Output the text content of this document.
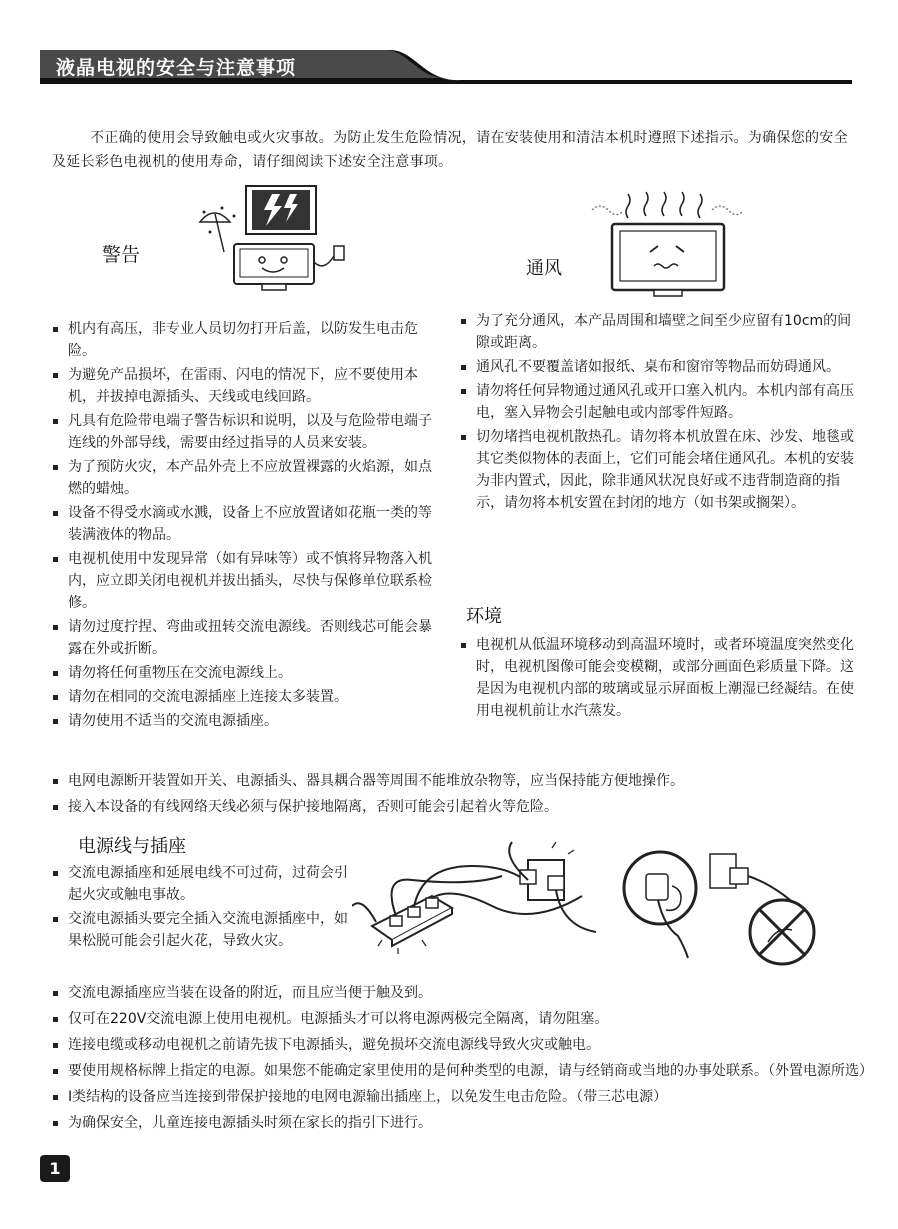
液晶电视的安全与注意事项
不正确的使用会导致触电或火灾事故。为防止发生危险情况，请在安装使用和清洁本机时遵照下述指示。为确保您的安全及延长彩色电视机的使用寿命，请仔细阅读下述安全注意事项。
警告
机内有高压，非专业人员切勿打开后盖，以防发生电击危险。
为避免产品损坏，在雷雨、闪电的情况下，应不要使用本机，并拔掉电源插头、天线或电线回路。
凡具有危险带电端子警告标识和说明，以及与危险带电端子连线的外部导线，需要由经过指导的人员来安装。
为了预防火灾，本产品外壳上不应放置裸露的火焰源，如点燃的蜡烛。
设备不得受水滴或水溅，设备上不应放置诸如花瓶一类的等装满液体的物品。
电视机使用中发现异常（如有异味等）或不慎将异物落入机内，应立即关闭电视机并拔出插头，尽快与保修单位联系检修。
请勿过度拧捏、弯曲或扭转交流电源线。否则线芯可能会暴露在外或折断。
请勿将任何重物压在交流电源线上。
请勿在相同的交流电源插座上连接太多装置。
请勿使用不适当的交流电源插座。
通风
为了充分通风，本产品周围和墙壁之间至少应留有10cm的间隙或距离。
通风孔不要覆盖诸如报纸、桌布和窗帘等物品而妨碍通风。
请勿将任何异物通过通风孔或开口塞入机内。本机内部有高压电，塞入异物会引起触电或内部零件短路。
切勿堵挡电视机散热孔。请勿将本机放置在床、沙发、地毯或其它类似物体的表面上，它们可能会堵住通风孔。本机的安装为非内置式，因此，除非通风状况良好或不违背制造商的指示，请勿将本机安置在封闭的地方（如书架或搁架）。
环境
电视机从低温环境移动到高温环境时，或者环境温度突然变化时，电视机图像可能会变模糊，或部分画面色彩质量下降。这是因为电视机内部的玻璃或显示屏面板上潮湿已经凝结。在使用电视机前让水汽蒸发。
电网电源断开装置如开关、电源插头、器具耦合器等周围不能堆放杂物等，应当保持能方便地操作。
接入本设备的有线网络天线必须与保护接地隔离，否则可能会引起着火等危险。
电源线与插座
交流电源插座和延展电线不可过荷，过荷会引起火灾或触电事故。
交流电源插头要完全插入交流电源插座中，如果松脱可能会引起火花，导致火灾。
交流电源插座应当装在设备的附近，而且应当便于触及到。
仅可在220V交流电源上使用电视机。电源插头才可以将电源两极完全隔离，请勿阻塞。
连接电缆或移动电视机之前请先拔下电源插头，避免损坏交流电源线导致火灾或触电。
要使用规格标牌上指定的电源。如果您不能确定家里使用的是何种类型的电源，请与经销商或当地的办事处联系。（外置电源所选）
Ⅰ类结构的设备应当连接到带保护接地的电网电源输出插座上，以免发生电击危险。（带三芯电源）
为确保安全，儿童连接电源插头时须在家长的指引下进行。
1
